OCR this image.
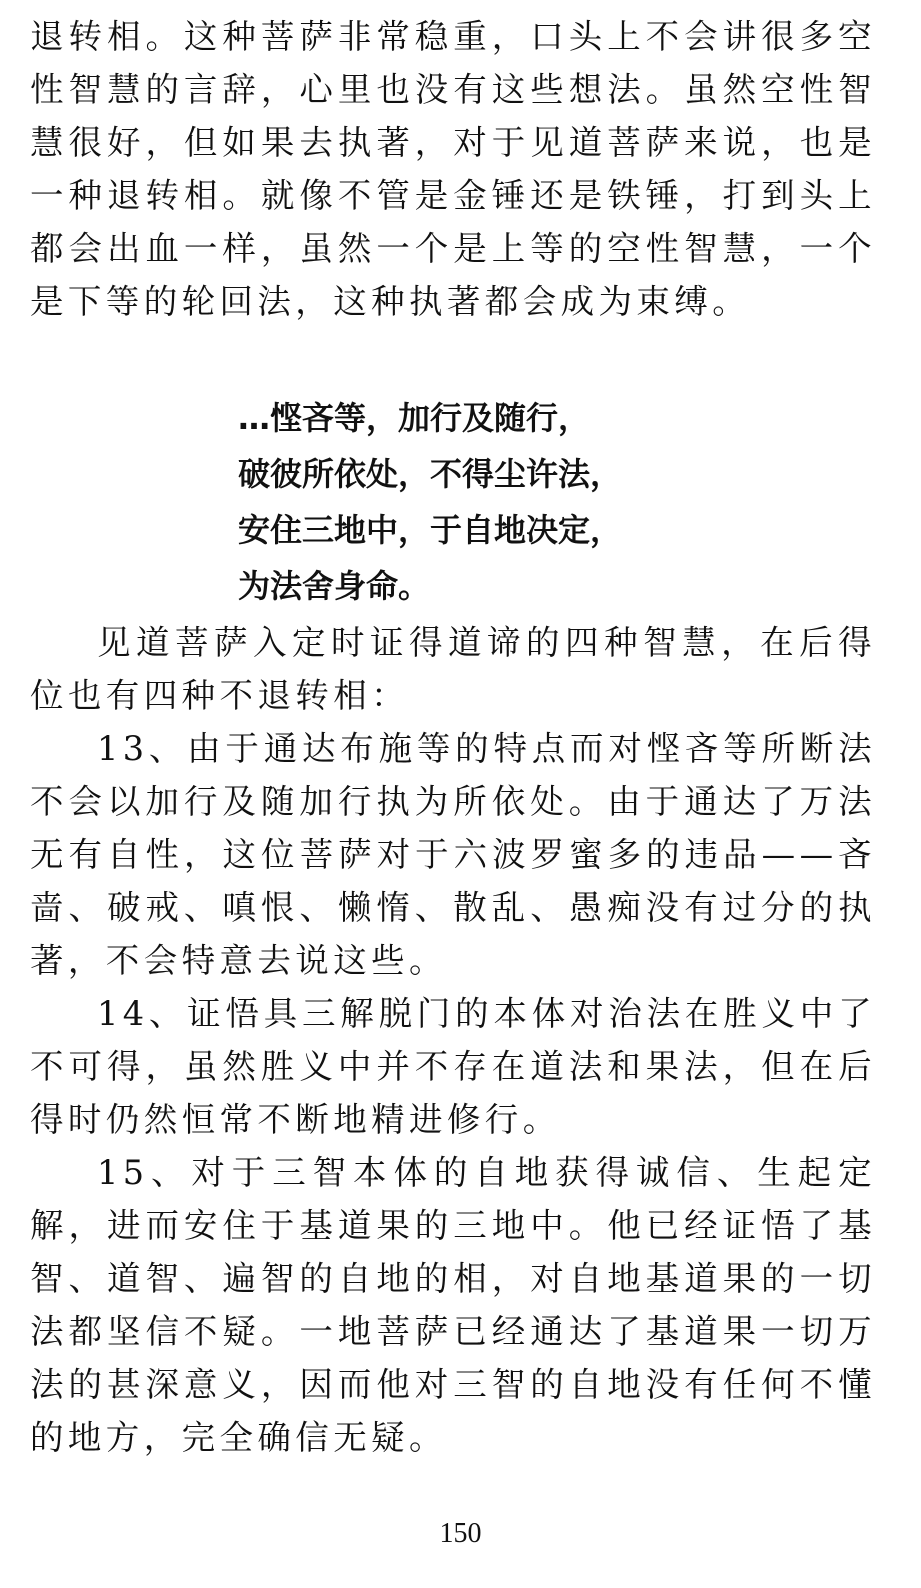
退转相。这种菩萨非常稳重，口头上不会讲很多空性智慧的言辞，心里也没有这些想法。虽然空性智慧很好，但如果去执著，对于见道菩萨来说，也是一种退转相。就像不管是金锤还是铁锤，打到头上都会出血一样，虽然一个是上等的空性智慧，一个是下等的轮回法，这种执著都会成为束缚。

…悭吝等，加行及随行，
破彼所依处，不得尘许法，
安住三地中，于自地决定，
为法舍身命。

见道菩萨入定时证得道谛的四种智慧，在后得位也有四种不退转相：

13、由于通达布施等的特点而对悭吝等所断法不会以加行及随加行执为所依处。由于通达了万法无有自性，这位菩萨对于六波罗蜜多的违品——吝啬、破戒、嗔恨、懒惰、散乱、愚痴没有过分的执著，不会特意去说这些。

14、证悟具三解脱门的本体对治法在胜义中了不可得，虽然胜义中并不存在道法和果法，但在后得时仍然恒常不断地精进修行。

15、对于三智本体的自地获得诚信、生起定解，进而安住于基道果的三地中。他已经证悟了基智、道智、遍智的自地的相，对自地基道果的一切法都坚信不疑。一地菩萨已经通达了基道果一切万法的甚深意义，因而他对三智的自地没有任何不懂的地方，完全确信无疑。

150
